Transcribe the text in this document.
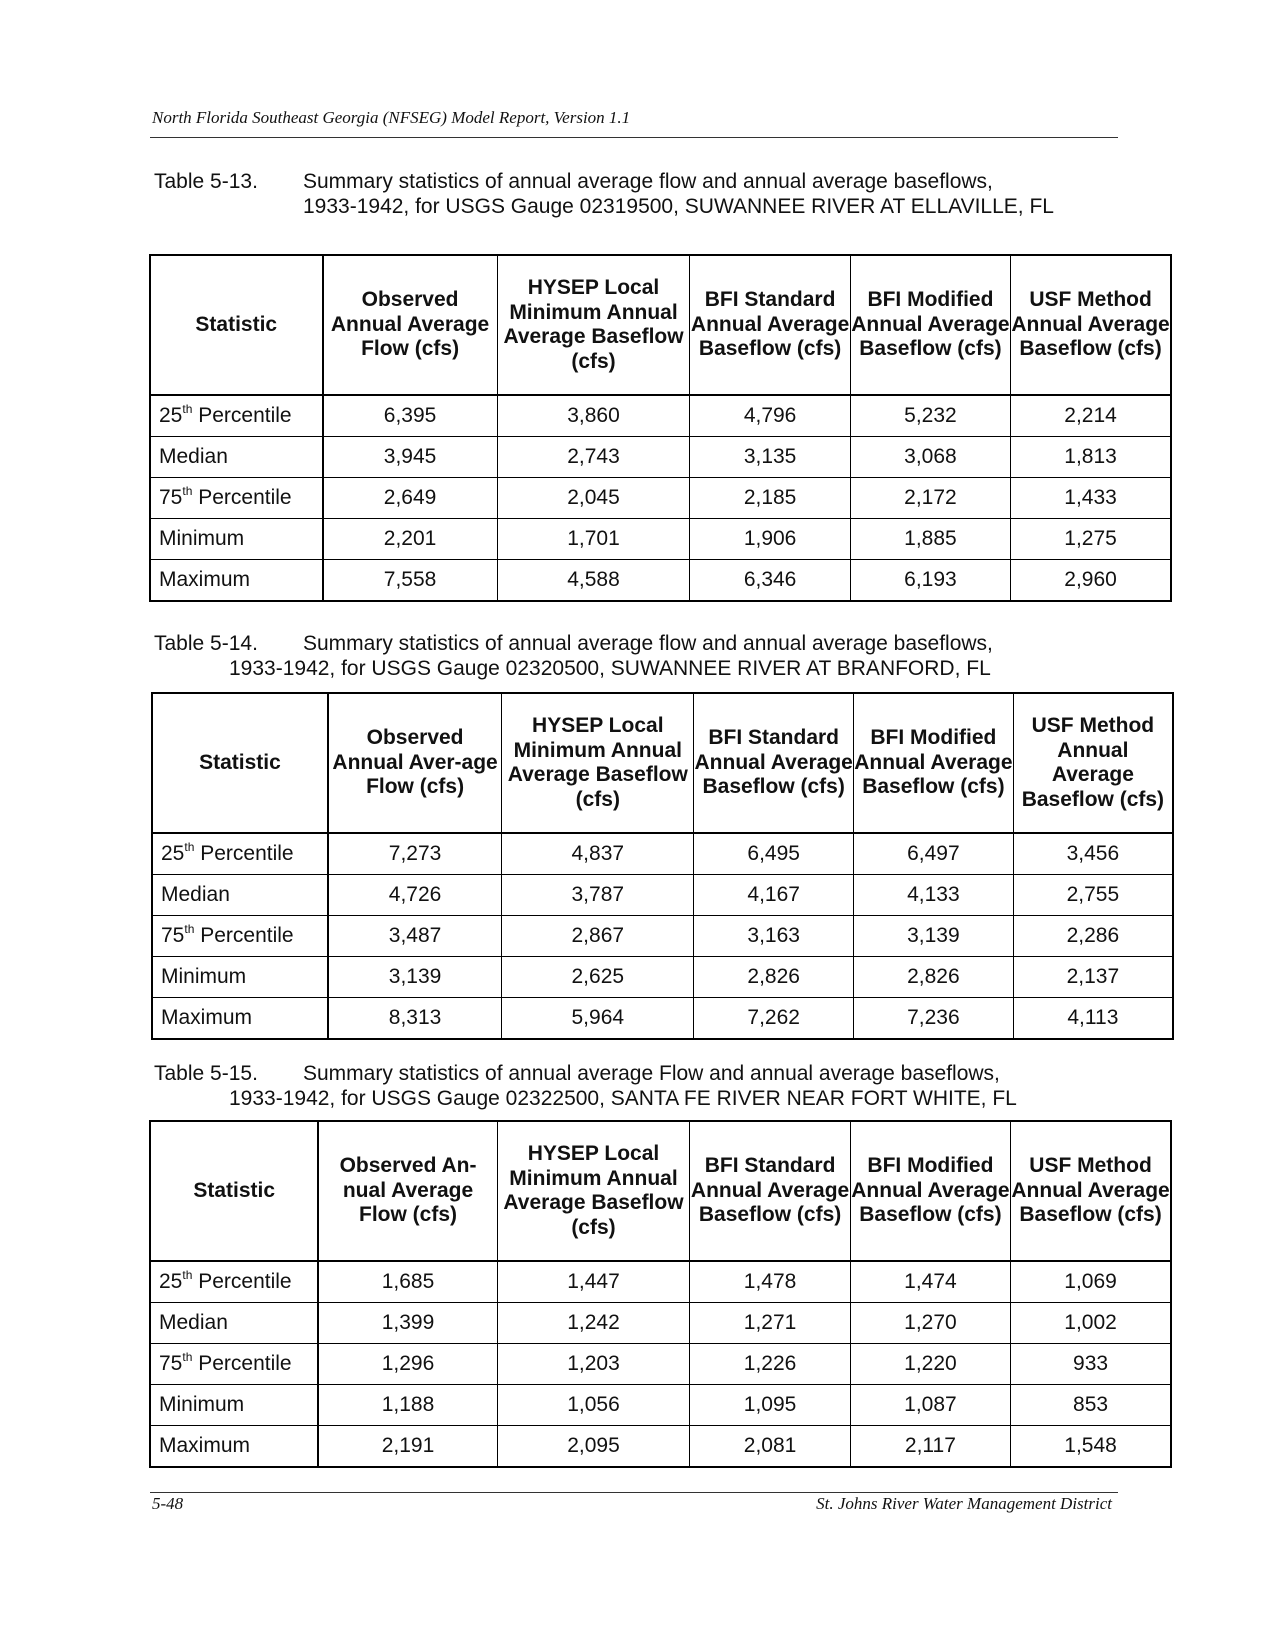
North Florida Southeast Georgia (NFSEG) Model Report, Version 1.1
Table 5-13. Summary statistics of annual average flow and annual average baseflows,
1933-1942, for USGS Gauge 02319500, SUWANNEE RIVER AT ELLAVILLE, FL
Statistic	Observed Annual Average Flow (cfs)	HYSEP Local Minimum Annual Average Baseflow (cfs)	BFI Standard Annual Average Baseflow (cfs)	BFI Modified Annual Average Baseflow (cfs)	USF Method Annual Average Baseflow (cfs)
25th Percentile	6,395	3,860	4,796	5,232	2,214
Median	3,945	2,743	3,135	3,068	1,813
75th Percentile	2,649	2,045	2,185	2,172	1,433
Minimum	2,201	1,701	1,906	1,885	1,275
Maximum	7,558	4,588	6,346	6,193	2,960
Table 5-14. Summary statistics of annual average flow and annual average baseflows,
1933-1942, for USGS Gauge 02320500, SUWANNEE RIVER AT BRANFORD, FL
Statistic	Observed Annual Aver-age Flow (cfs)	HYSEP Local Minimum Annual Average Baseflow (cfs)	BFI Standard Annual Average Baseflow (cfs)	BFI Modified Annual Average Baseflow (cfs)	USF Method Annual Average Baseflow (cfs)
25th Percentile	7,273	4,837	6,495	6,497	3,456
Median	4,726	3,787	4,167	4,133	2,755
75th Percentile	3,487	2,867	3,163	3,139	2,286
Minimum	3,139	2,625	2,826	2,826	2,137
Maximum	8,313	5,964	7,262	7,236	4,113
Table 5-15. Summary statistics of annual average Flow and annual average baseflows,
1933-1942, for USGS Gauge 02322500, SANTA FE RIVER NEAR FORT WHITE, FL
Statistic	Observed An-nual Average Flow (cfs)	HYSEP Local Minimum Annual Average Baseflow (cfs)	BFI Standard Annual Average Baseflow (cfs)	BFI Modified Annual Average Baseflow (cfs)	USF Method Annual Average Baseflow (cfs)
25th Percentile	1,685	1,447	1,478	1,474	1,069
Median	1,399	1,242	1,271	1,270	1,002
75th Percentile	1,296	1,203	1,226	1,220	933
Minimum	1,188	1,056	1,095	1,087	853
Maximum	2,191	2,095	2,081	2,117	1,548
5-48	St. Johns River Water Management District
